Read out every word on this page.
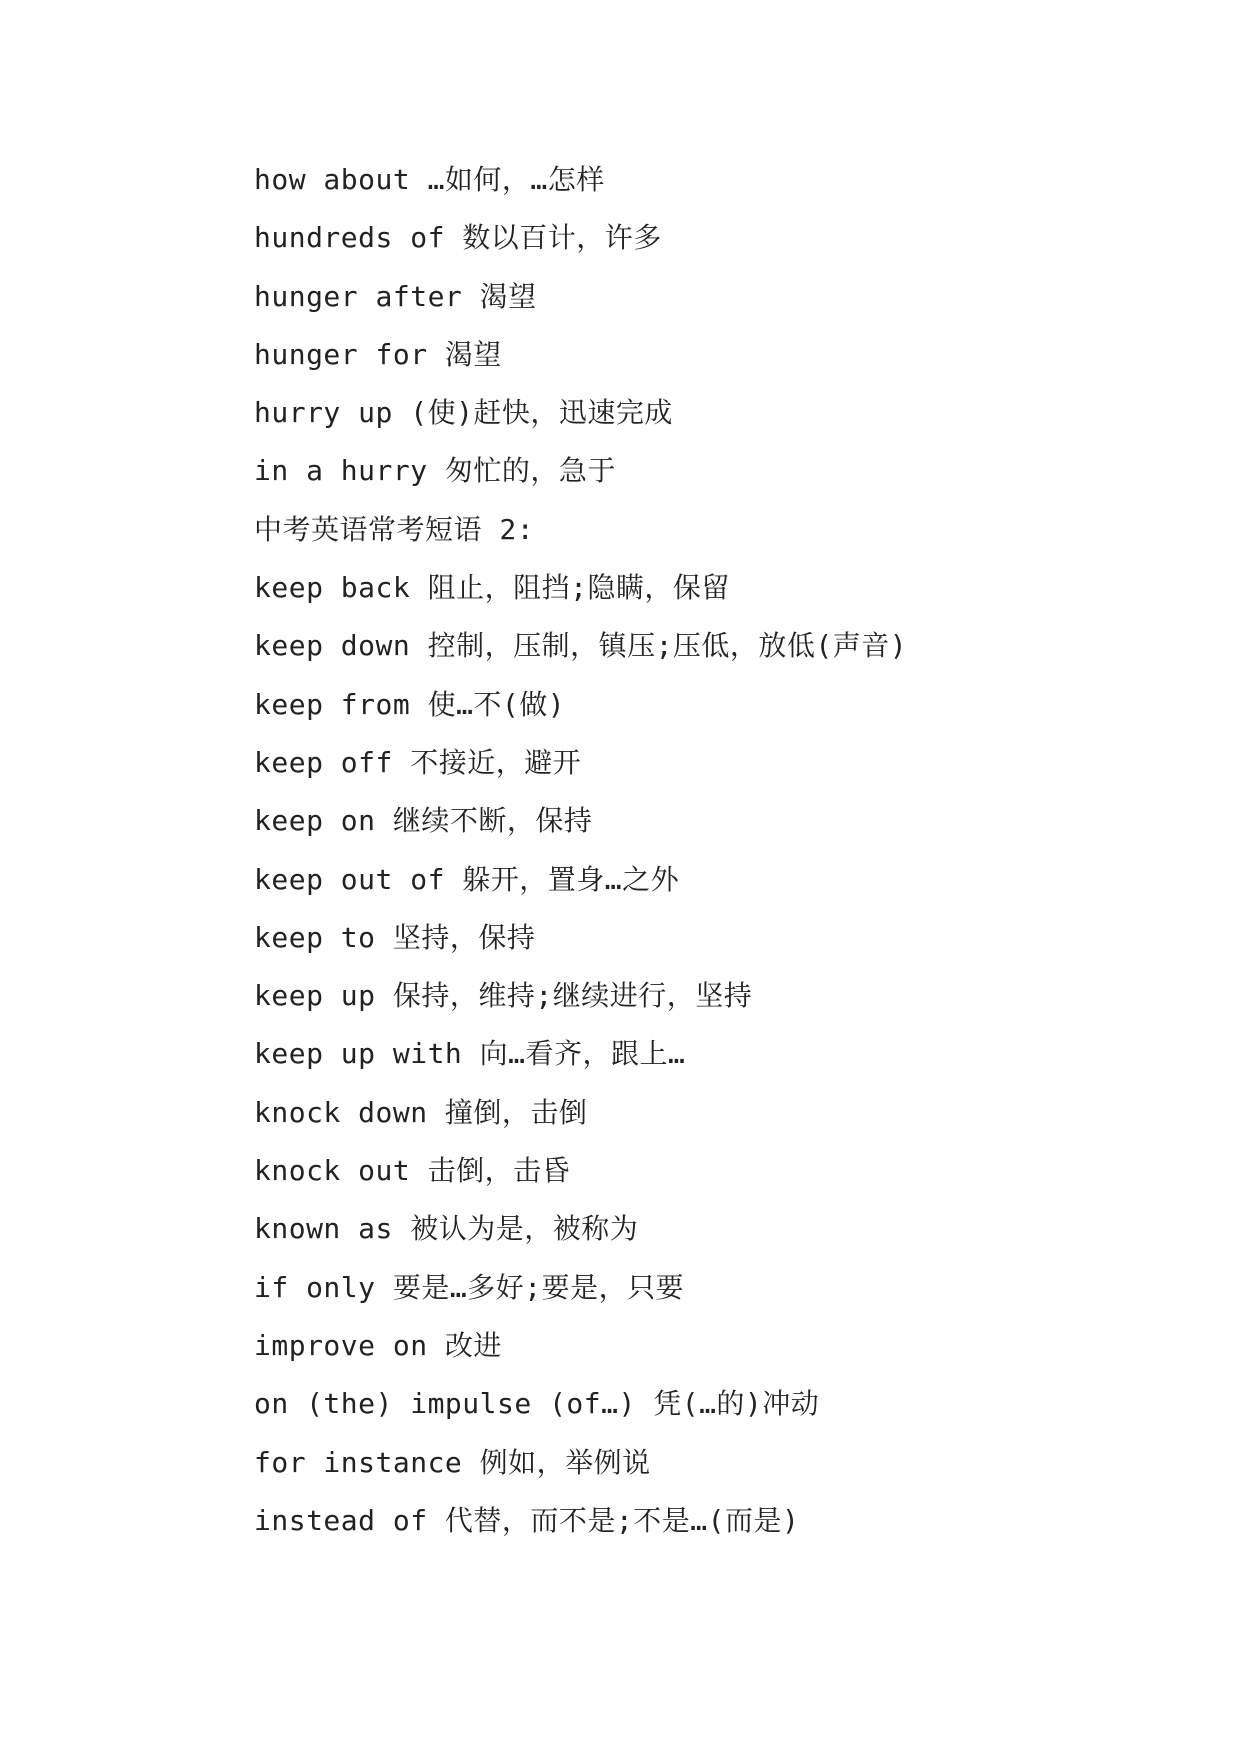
how about …如何，…怎样
hundreds of 数以百计，许多
hunger after 渴望
hunger for 渴望
hurry up (使)赶快，迅速完成
in a hurry 匆忙的，急于
中考英语常考短语 2:
keep back 阻止，阻挡;隐瞒，保留
keep down 控制，压制，镇压;压低，放低(声音)
keep from 使…不(做)
keep off 不接近，避开
keep on 继续不断，保持
keep out of 躲开，置身…之外
keep to 坚持，保持
keep up 保持，维持;继续进行，坚持
keep up with 向…看齐，跟上…
knock down 撞倒，击倒
knock out 击倒，击昏
known as 被认为是，被称为
if only 要是…多好;要是，只要
improve on 改进
on (the) impulse (of…) 凭(…的)冲动
for instance 例如，举例说
instead of 代替，而不是;不是…(而是)
